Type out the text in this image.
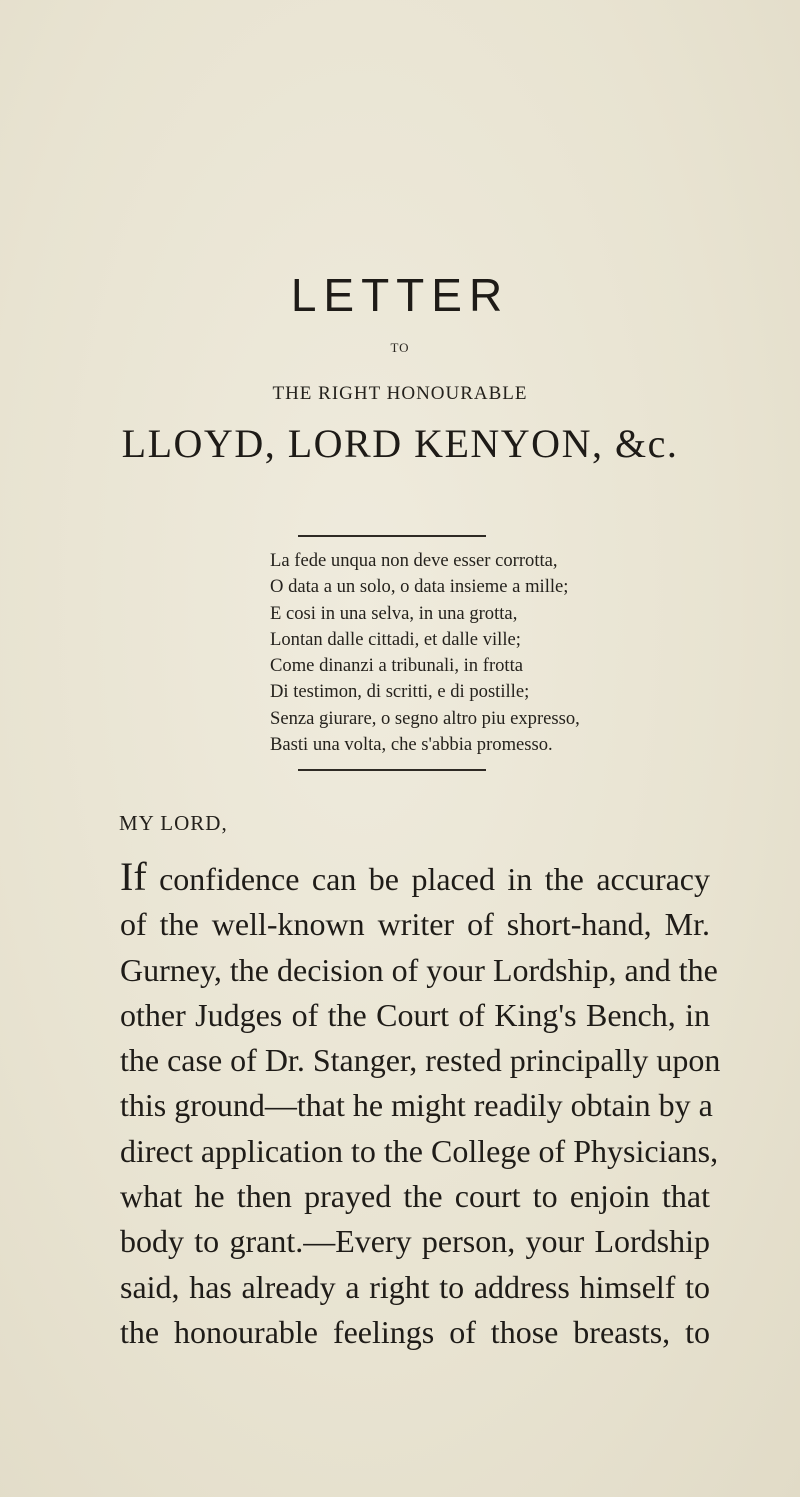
LETTER
TO
THE RIGHT HONOURABLE
LLOYD, LORD KENYON, &c.
La fede unqua non deve esser corrotta,
O data a un solo, o data insieme a mille;
E cosi in una selva, in una grotta,
Lontan dalle cittadi, et dalle ville;
Come dinanzi a tribunali, in frotta
Di testimon, di scritti, e di postille;
Senza giurare, o segno altro piu expresso,
Basti una volta, che s'abbia promesso.
MY LORD,
If confidence can be placed in the accuracy
of the well-known writer of short-hand, Mr.
Gurney, the decision of your Lordship, and the
other Judges of the Court of King's Bench, in
the case of Dr. Stanger, rested principally upon
this ground—that he might readily obtain by a
direct application to the College of Physicians,
what he then prayed the court to enjoin that
body to grant.—Every person, your Lordship
said, has already a right to address himself to
the honourable feelings of those breasts, to
